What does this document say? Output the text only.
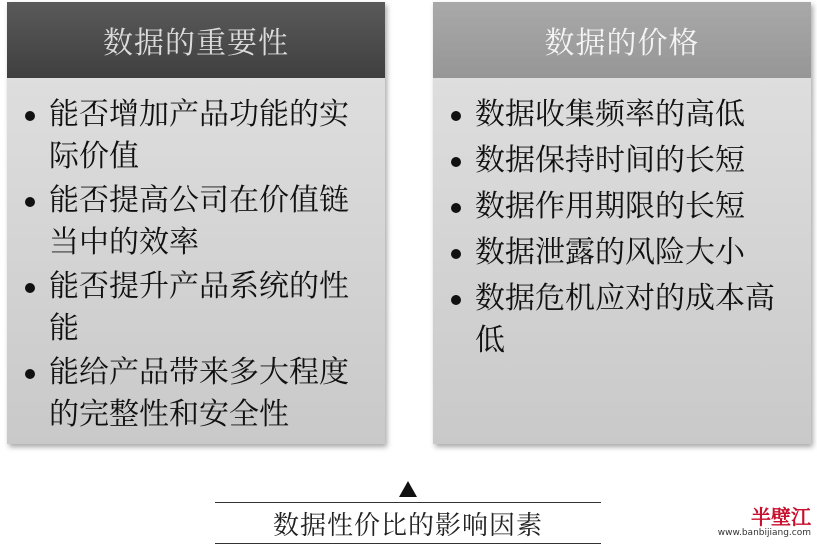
数据的重要性
能否增加产品功能的实际价值
能否提高公司在价值链当中的效率
能否提升产品系统的性能
能给产品带来多大程度的完整性和安全性
数据的价格
数据收集频率的高低
数据保持时间的长短
数据作用期限的长短
数据泄露的风险大小
数据危机应对的成本高低
数据性价比的影响因素	半壁江
www.banbijiang.com
